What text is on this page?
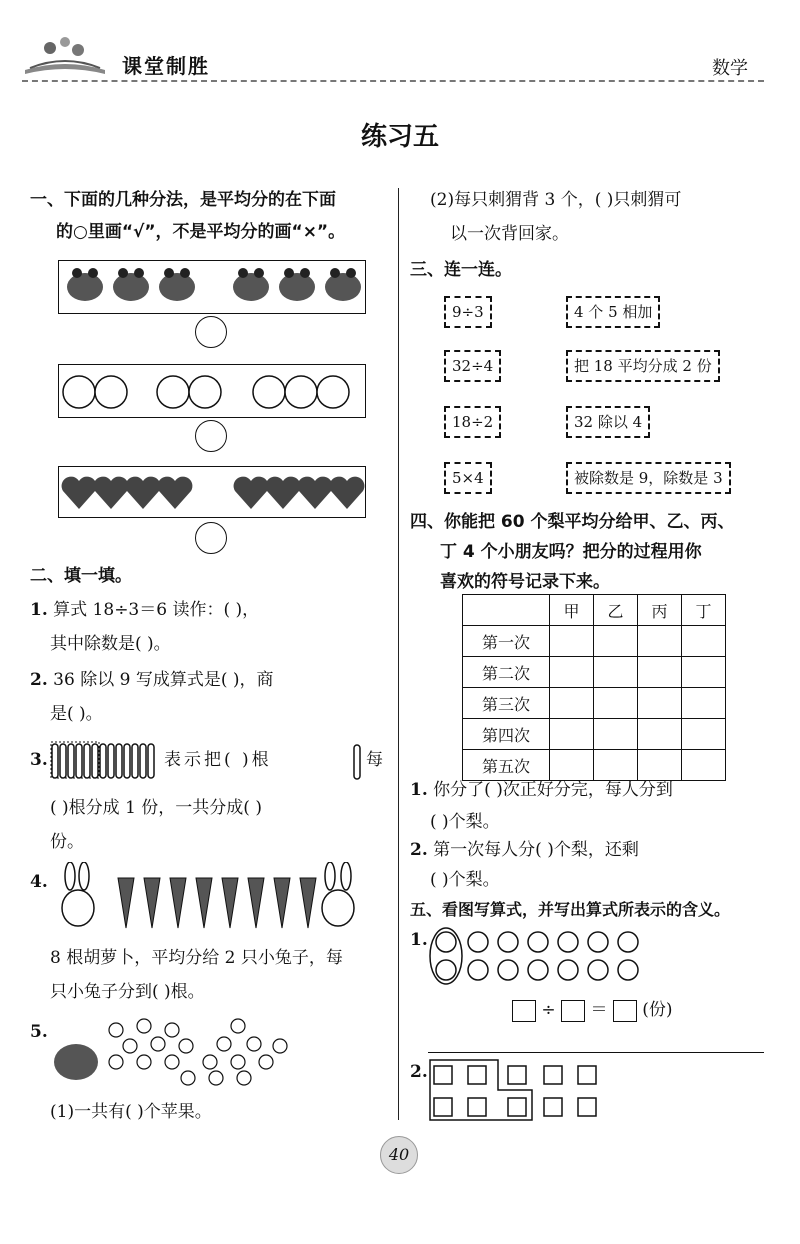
课堂制胜	数学
练习五
一、下面的几种分法，是平均分的在下面
的○里画“√”，不是平均分的画“×”。
二、填一填。
1. 算式 18÷3＝6 读作：( )，
其中除数是( )。
2. 36 除以 9 写成算式是( )，商
是( )。
3.	表示把( )根	每
( )根分成 1 份，一共分成( )
份。
4.
8 根胡萝卜，平均分给 2 只小兔子，每
只小兔子分到( )根。
5.
(1)一共有( )个苹果。
(2)每只刺猬背 3 个，( )只刺猬可
以一次背回家。
三、连一连。
9÷3
32÷4
18÷2
5×4
4 个 5 相加
把 18 平均分成 2 份
32 除以 4
被除数是 9，除数是 3
四、你能把 60 个梨平均分给甲、乙、丙、
丁 4 个小朋友吗？把分的过程用你
喜欢的符号记录下来。
	甲	乙	丙	丁
第一次				
第二次				
第三次				
第四次				
第五次				
1. 你分了( )次正好分完，每人分到
( )个梨。
2. 第一次每人分( )个梨，还剩
( )个梨。
五、看图写算式，并写出算式所表示的含义。
1.
÷ ＝ (份)
2.
40
